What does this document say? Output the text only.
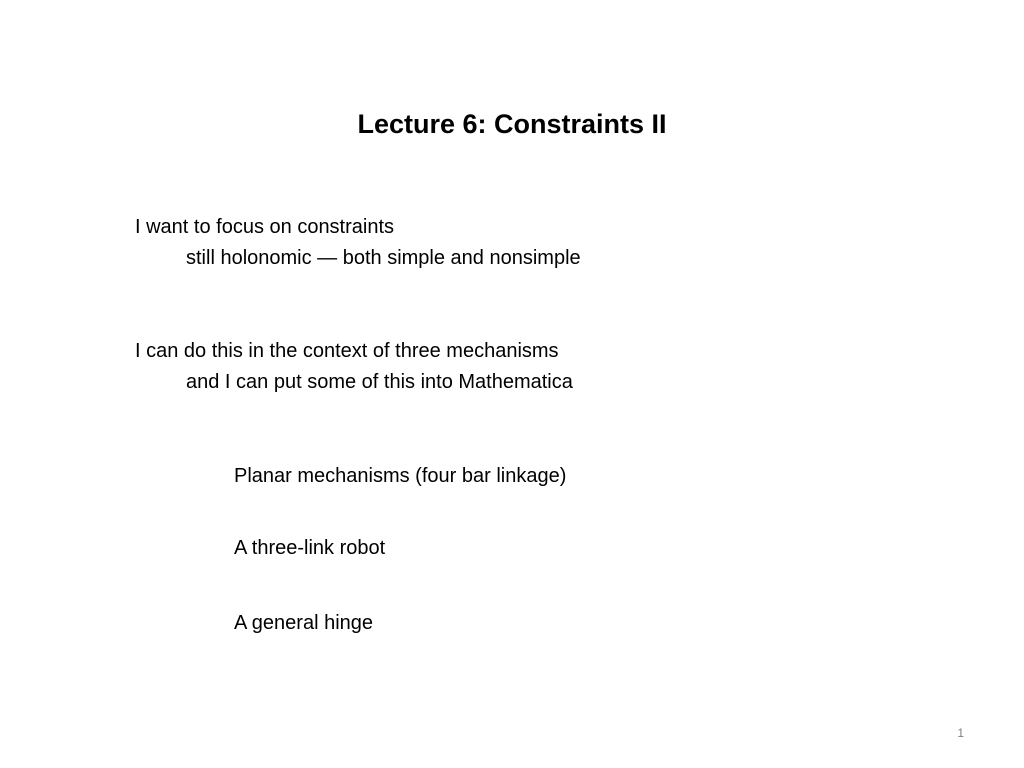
Lecture 6: Constraints II
I want to focus on constraints
still holonomic — both simple and nonsimple
I can do this in the context of three mechanisms
and I can put some of this into Mathematica
Planar mechanisms (four bar linkage)
A three-link robot
A general hinge
1
